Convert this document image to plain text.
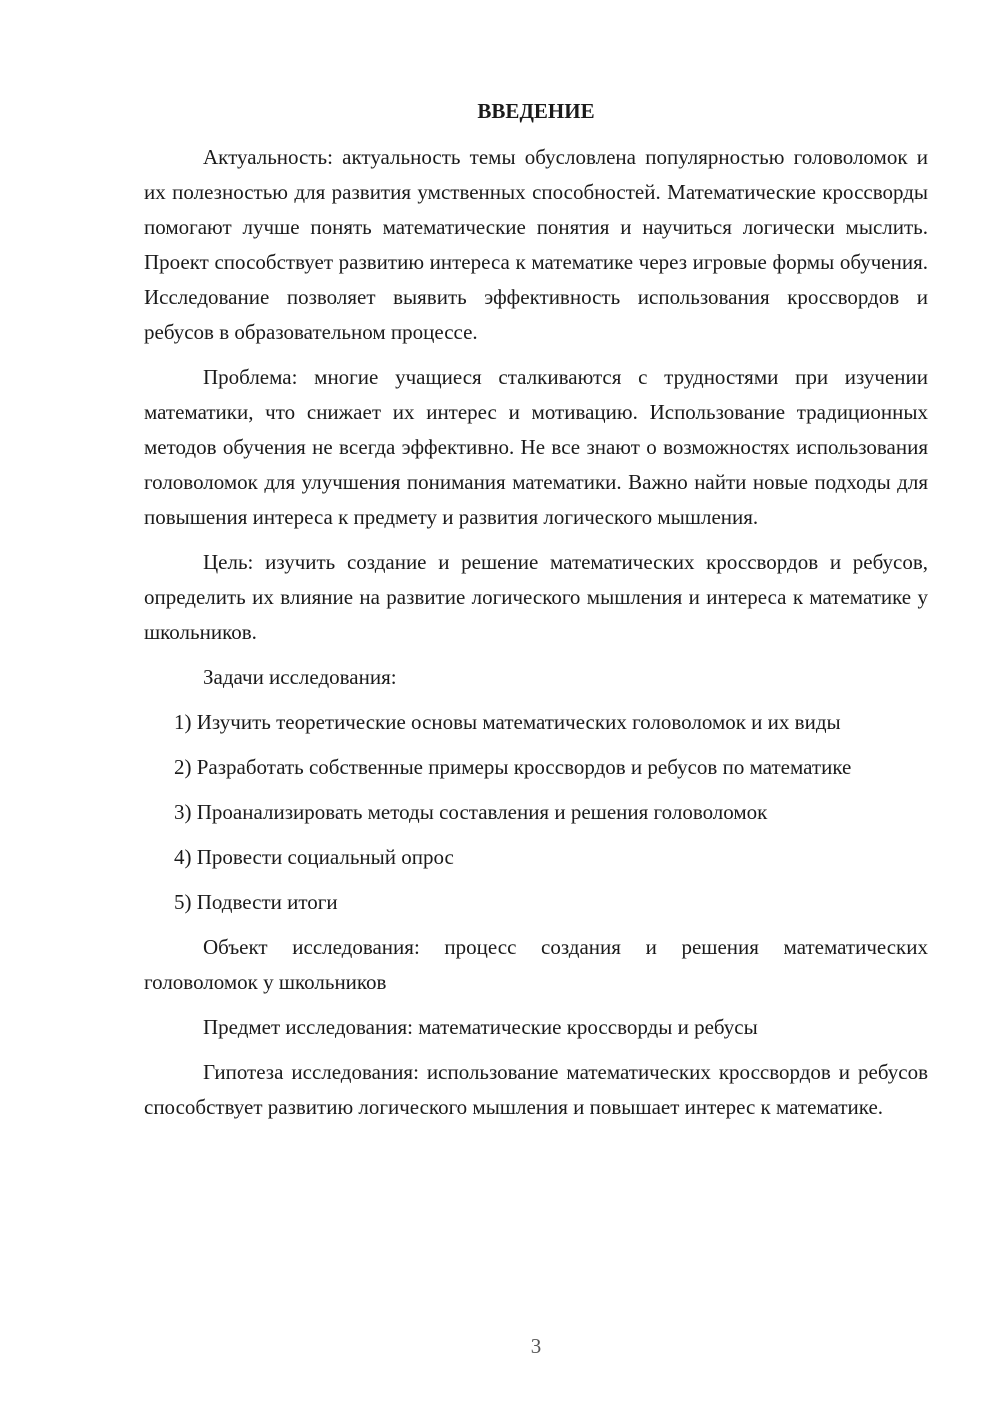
ВВЕДЕНИЕ

Актуальность: актуальность темы обусловлена популярностью головоломок и их полезностью для развития умственных способностей. Математические кроссворды помогают лучше понять математические понятия и научиться логически мыслить. Проект способствует развитию интереса к математике через игровые формы обучения. Исследование позволяет выявить эффективность использования кроссвордов и ребусов в образовательном процессе.

Проблема: многие учащиеся сталкиваются с трудностями при изучении математики, что снижает их интерес и мотивацию. Использование традиционных методов обучения не всегда эффективно. Не все знают о возможностях использования головоломок для улучшения понимания математики. Важно найти новые подходы для повышения интереса к предмету и развития логического мышления.

Цель: изучить создание и решение математических кроссвордов и ребусов, определить их влияние на развитие логического мышления и интереса к математике у школьников.

Задачи исследования:

1) Изучить теоретические основы математических головоломок и их виды

2) Разработать собственные примеры кроссвордов и ребусов по математике

3) Проанализировать методы составления и решения головоломок

4) Провести социальный опрос

5) Подвести итоги

Объект исследования: процесс создания и решения математических головоломок у школьников

Предмет исследования: математические кроссворды и ребусы

Гипотеза исследования: использование математических кроссвордов и ребусов способствует развитию логического мышления и повышает интерес к математике.

3
